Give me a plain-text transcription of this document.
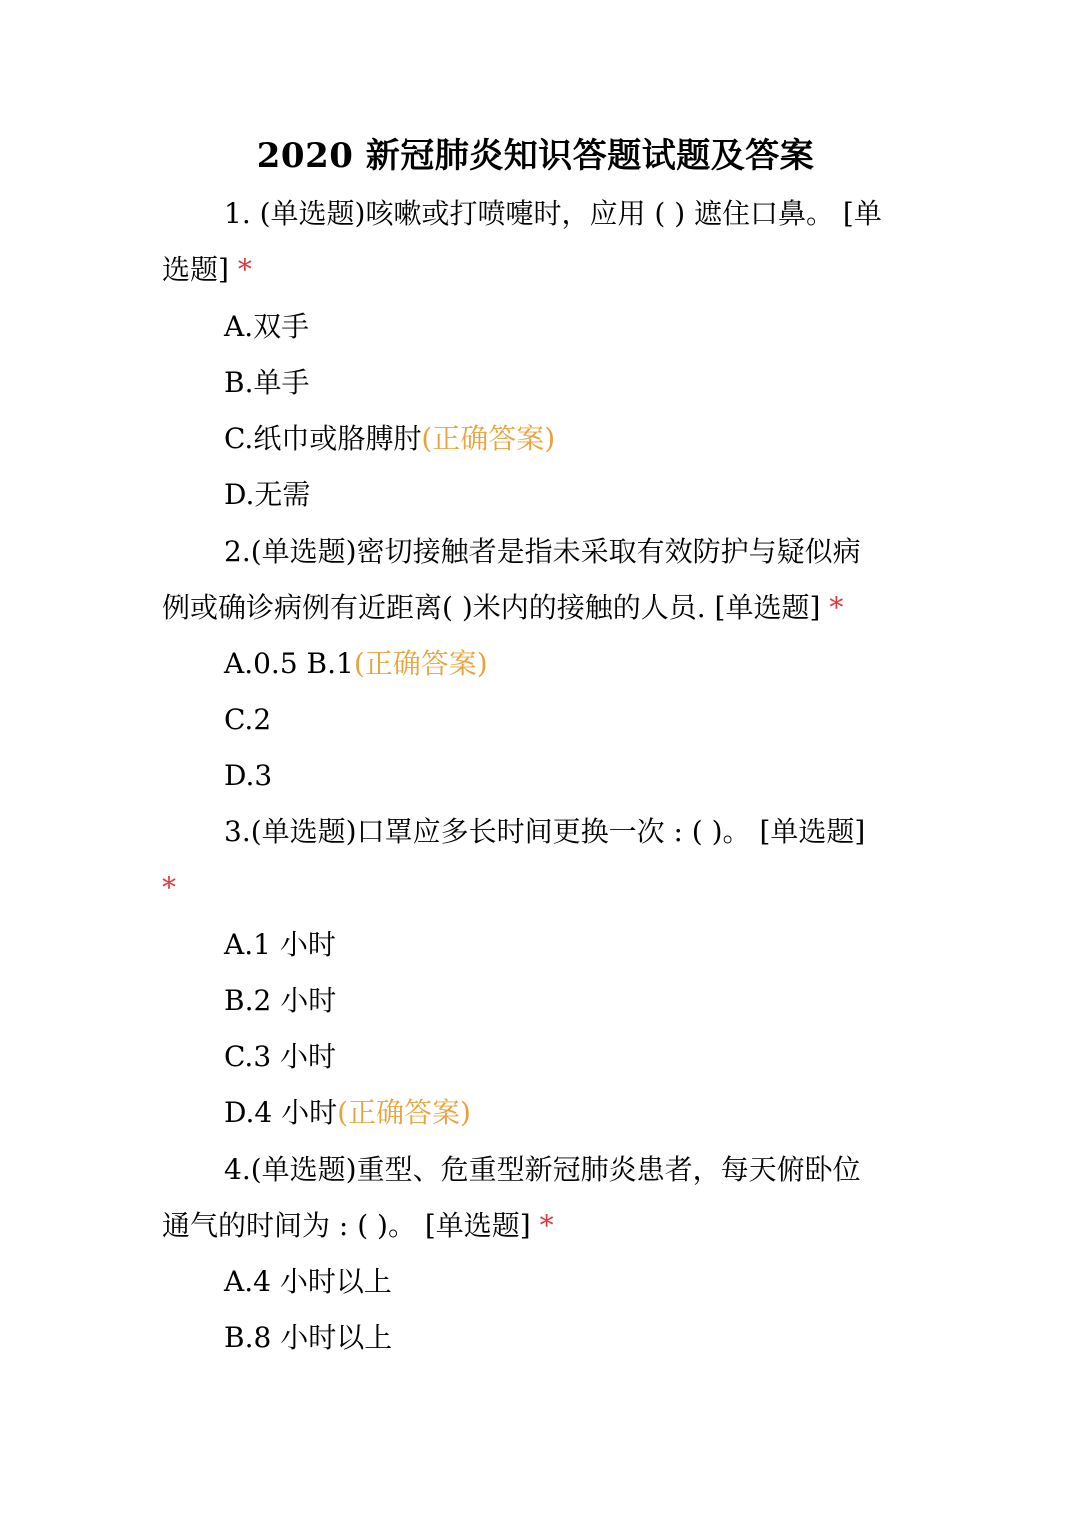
2020 新冠肺炎知识答题试题及答案
1. (单选题)咳嗽或打喷嚏时，应用 ( ) 遮住口鼻。 [单
选题] *
A.双手
B.单手
C.纸巾或胳膊肘(正确答案)
D.无需
2.(单选题)密切接触者是指未采取有效防护与疑似病
例或确诊病例有近距离( )米内的接触的人员. [单选题] *
A.0.5 B.1(正确答案)
C.2
D.3
3.(单选题)口罩应多长时间更换一次 : ( )。 [单选题]
*
A.1 小时
B.2 小时
C.3 小时
D.4 小时(正确答案)
4.(单选题)重型、危重型新冠肺炎患者，每天俯卧位
通气的时间为 : ( )。 [单选题] *
A.4 小时以上
B.8 小时以上
